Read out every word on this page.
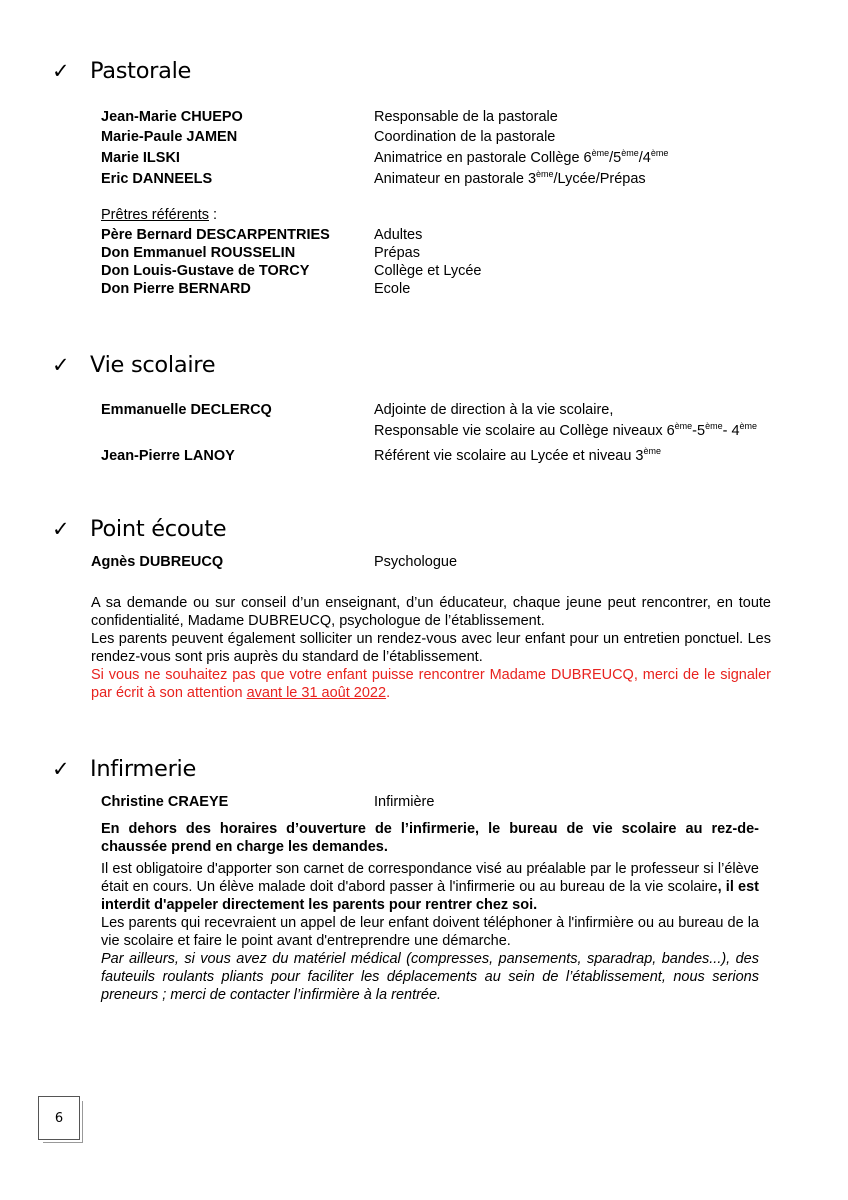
✓ Pastorale
Jean-Marie CHUEPO	Responsable de la pastorale
Marie-Paule JAMEN	Coordination de la pastorale
Marie ILSKI	Animatrice en pastorale Collège 6ème/5ème/4ème
Eric DANNEELS	Animateur en pastorale 3ème/Lycée/Prépas
Prêtres référents :
Père Bernard DESCARPENTRIES	Adultes
Don Emmanuel ROUSSELIN	Prépas
Don Louis-Gustave de TORCY	Collège et Lycée
Don Pierre BERNARD	Ecole
✓ Vie scolaire
Emmanuelle DECLERCQ	Adjointe de direction à la vie scolaire,
Responsable vie scolaire au Collège niveaux 6ème-5ème- 4ème
Jean-Pierre LANOY	Référent vie scolaire au Lycée et niveau 3ème
✓ Point écoute
Agnès DUBREUCQ	Psychologue
A sa demande ou sur conseil d’un enseignant, d’un éducateur, chaque jeune peut rencontrer, en toute confidentialité, Madame DUBREUCQ, psychologue de l’établissement.
Les parents peuvent également solliciter un rendez-vous avec leur enfant pour un entretien ponctuel. Les rendez-vous sont pris auprès du standard de l’établissement.
Si vous ne souhaitez pas que votre enfant puisse rencontrer Madame DUBREUCQ, merci de le signaler par écrit à son attention avant le 31 août 2022.
✓ Infirmerie
Christine CRAEYE	Infirmière
En dehors des horaires d’ouverture de l’infirmerie, le bureau de vie scolaire au rez-de-chaussée prend en charge les demandes.
Il est obligatoire d'apporter son carnet de correspondance visé au préalable par le professeur si l’élève était en cours. Un élève malade doit d'abord passer à l'infirmerie ou au bureau de la vie scolaire, il est interdit d'appeler directement les parents pour rentrer chez soi.
Les parents qui recevraient un appel de leur enfant doivent téléphoner à l'infirmière ou au bureau de la vie scolaire et faire le point avant d'entreprendre une démarche.
Par ailleurs, si vous avez du matériel médical (compresses, pansements, sparadrap, bandes...), des fauteuils roulants pliants pour faciliter les déplacements au sein de l’établissement, nous serions preneurs ; merci de contacter l’infirmière à la rentrée.
6
